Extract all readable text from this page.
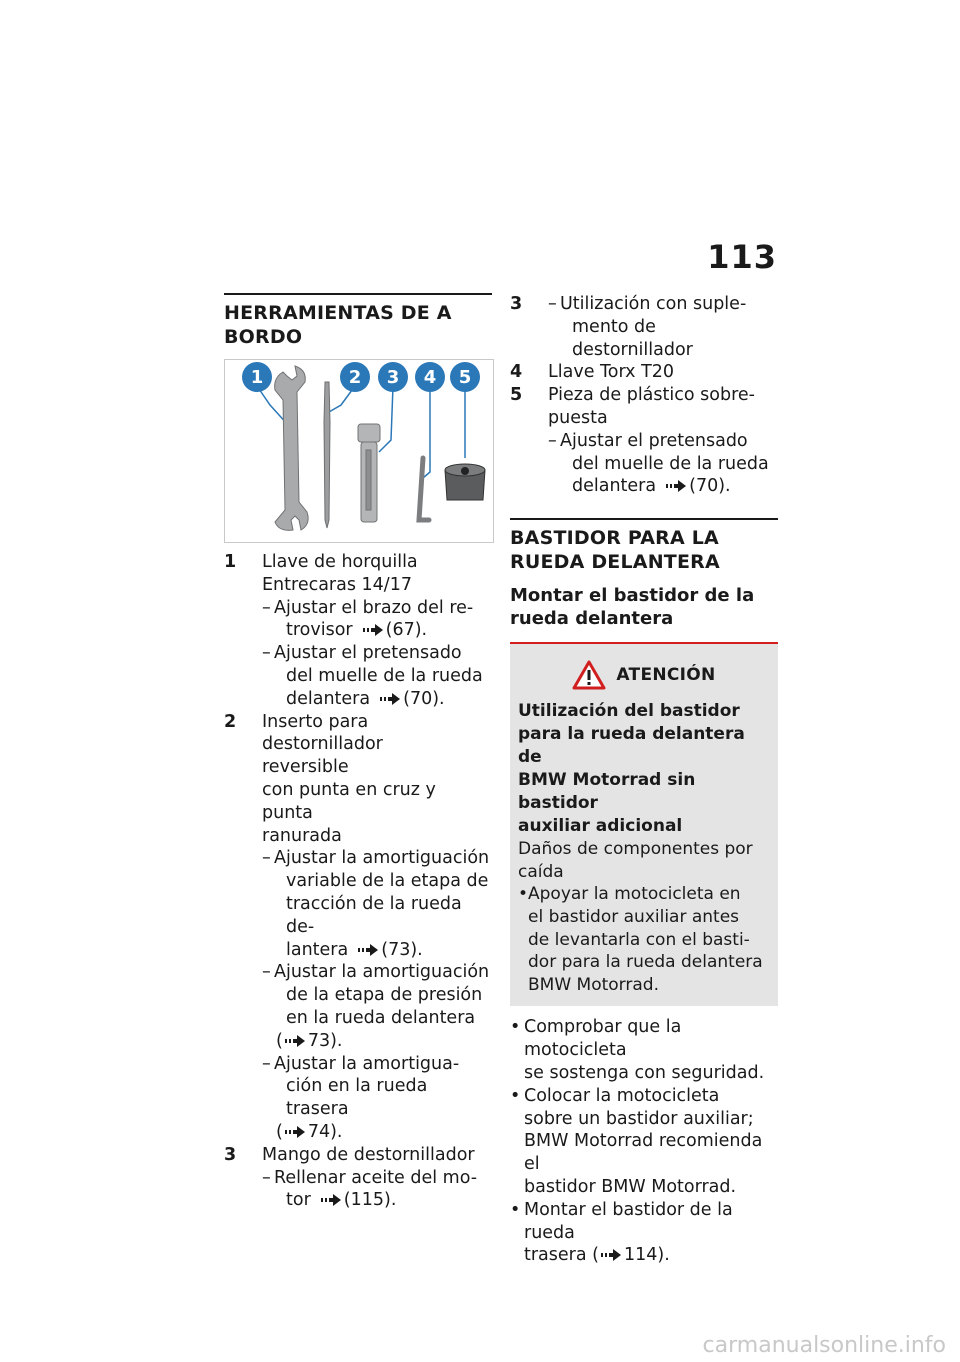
113
HERRAMIENTAS DE A BORDO
1	2 3 4 5
1	Llave de horquilla
Entrecaras 14/17
– Ajustar el brazo del re-
trovisor (67).
– Ajustar el pretensado
del muelle de la rueda
delantera (70).
2	Inserto para destornillador
reversible
con punta en cruz y punta
ranurada
– Ajustar la amortiguación
variable de la etapa de
tracción de la rueda de-
lantera (73).
– Ajustar la amortiguación
de la etapa de presión
en la rueda delantera
( 73).
– Ajustar la amortigua-
ción en la rueda trasera
( 74).
3	Mango de destornillador
– Rellenar aceite del mo-
tor (115).
3	– Utilización con suple-
mento de destornillador
4	Llave Torx T20
5	Pieza de plástico sobre-
puesta
– Ajustar el pretensado
del muelle de la rueda
delantera (70).
BASTIDOR PARA LA RUEDA DELANTERA
Montar el bastidor de la rueda delantera
ATENCIÓN
Utilización del bastidor
para la rueda delantera de
BMW Motorrad sin bastidor
auxiliar adicional
Daños de componentes por
caída
• Apoyar la motocicleta en
el bastidor auxiliar antes
de levantarla con el basti-
dor para la rueda delantera
BMW Motorrad.
• Comprobar que la motocicleta
se sostenga con seguridad.
• Colocar la motocicleta
sobre un bastidor auxiliar;
BMW Motorrad recomienda el
bastidor BMW Motorrad.
• Montar el bastidor de la rueda
trasera ( 114).
carmanualsonline.info
